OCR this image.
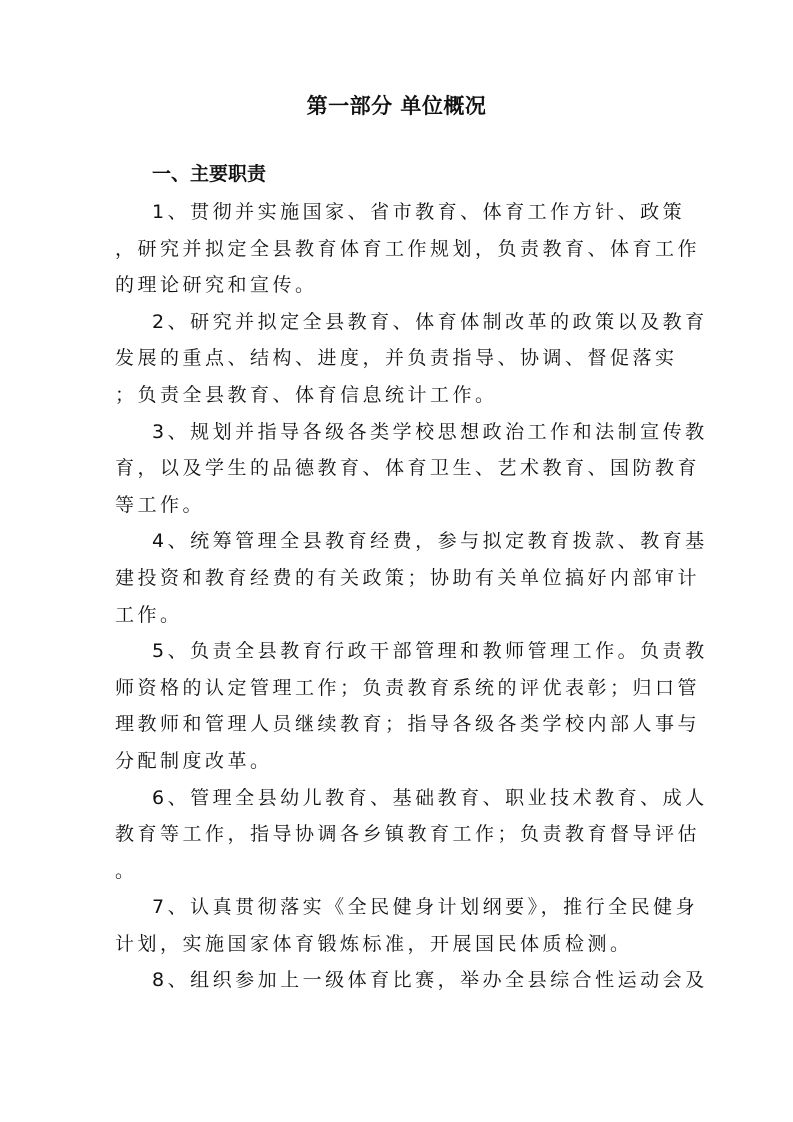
第一部分 单位概况
一、主要职责

1、贯彻并实施国家、省市教育、体育工作方针、政策
，研究并拟定全县教育体育工作规划，负责教育、体育工作
的理论研究和宣传。

2、研究并拟定全县教育、体育体制改革的政策以及教育
发展的重点、结构、进度，并负责指导、协调、督促落实
；负责全县教育、体育信息统计工作。

3、规划并指导各级各类学校思想政治工作和法制宣传教
育，以及学生的品德教育、体育卫生、艺术教育、国防教育
等工作。

4、统筹管理全县教育经费，参与拟定教育拨款、教育基
建投资和教育经费的有关政策；协助有关单位搞好内部审计
工作。

5、负责全县教育行政干部管理和教师管理工作。负责教
师资格的认定管理工作；负责教育系统的评优表彰；归口管
理教师和管理人员继续教育；指导各级各类学校内部人事与
分配制度改革。

6、管理全县幼儿教育、基础教育、职业技术教育、成人
教育等工作，指导协调各乡镇教育工作；负责教育督导评估
。

7、认真贯彻落实《全民健身计划纲要》，推行全民健身
计划，实施国家体育锻炼标准，开展国民体质检测。

8、组织参加上一级体育比赛，举办全县综合性运动会及
